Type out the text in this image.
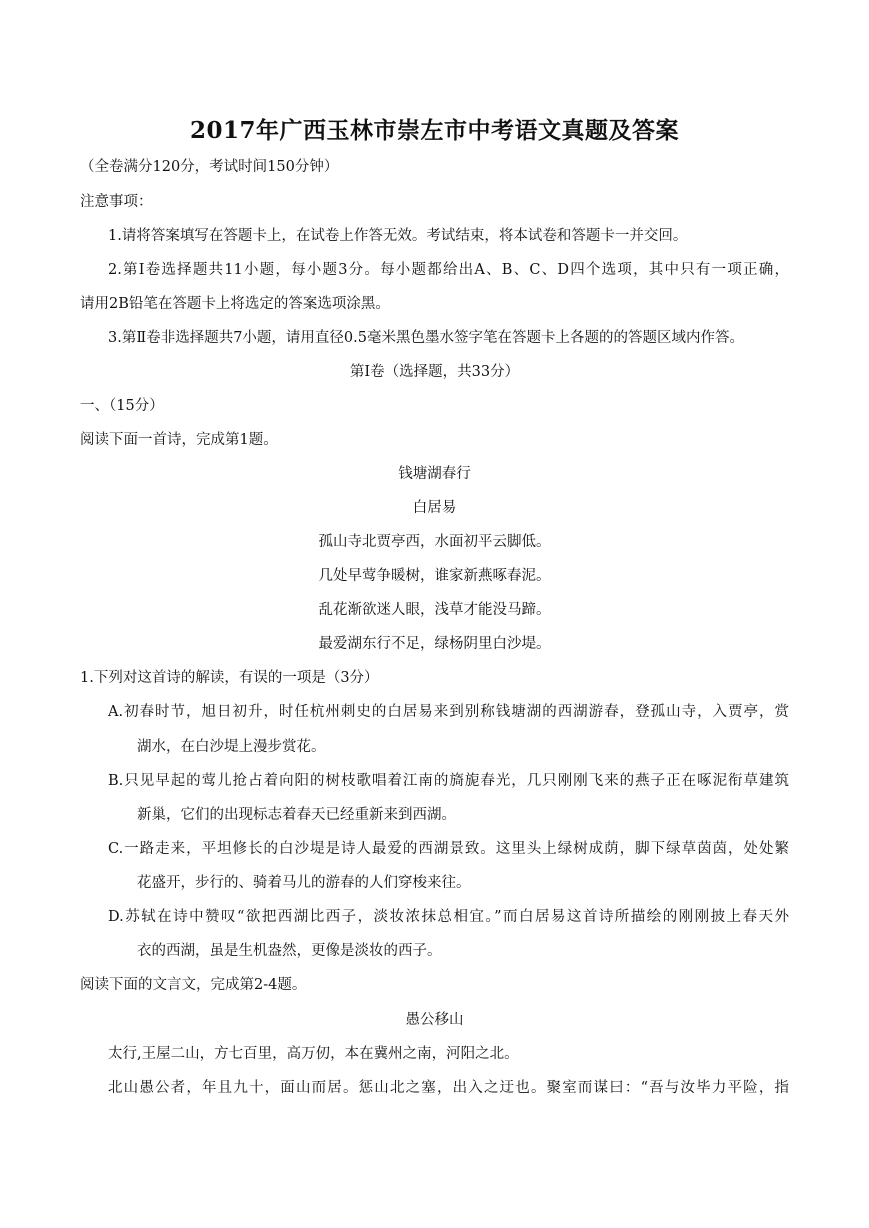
2017年广西玉林市崇左市中考语文真题及答案
（全卷满分120分，考试时间150分钟）
注意事项：
1.请将答案填写在答题卡上，在试卷上作答无效。考试结束，将本试卷和答题卡一并交回。
2.第Ⅰ卷选择题共11小题，每小题3分。每小题都给出A、B、C、D四个选项，其中只有一项正确，
请用2B铅笔在答题卡上将选定的答案选项涂黑。
3.第Ⅱ卷非选择题共7小题，请用直径0.5毫米黑色墨水签字笔在答题卡上各题的的答题区域内作答。
第Ⅰ卷（选择题，共33分）
一、（15分）
阅读下面一首诗，完成第1题。
钱塘湖春行
白居易
孤山寺北贾亭西，水面初平云脚低。
几处早莺争暖树，谁家新燕啄春泥。
乱花渐欲迷人眼，浅草才能没马蹄。
最爱湖东行不足，绿杨阴里白沙堤。
1.下列对这首诗的解读，有误的一项是（3分）
A.初春时节，旭日初升，时任杭州刺史的白居易来到别称钱塘湖的西湖游春，登孤山寺，入贾亭，赏
湖水，在白沙堤上漫步赏花。
B.只见早起的莺儿抢占着向阳的树枝歌唱着江南的旖旎春光，几只刚刚飞来的燕子正在啄泥衔草建筑
新巢，它们的出现标志着春天已经重新来到西湖。
C.一路走来，平坦修长的白沙堤是诗人最爱的西湖景致。这里头上绿树成荫，脚下绿草茵茵，处处繁
花盛开，步行的、骑着马儿的游春的人们穿梭来往。
D.苏轼在诗中赞叹“欲把西湖比西子，淡妆浓抹总相宜。”而白居易这首诗所描绘的刚刚披上春天外
衣的西湖，虽是生机盎然，更像是淡妆的西子。
阅读下面的文言文，完成第2-4题。
愚公移山
太行,王屋二山，方七百里，高万仞，本在冀州之南，河阳之北。
北山愚公者，年且九十，面山而居。惩山北之塞，出入之迂也。聚室而谋曰：“吾与汝毕力平险，指
